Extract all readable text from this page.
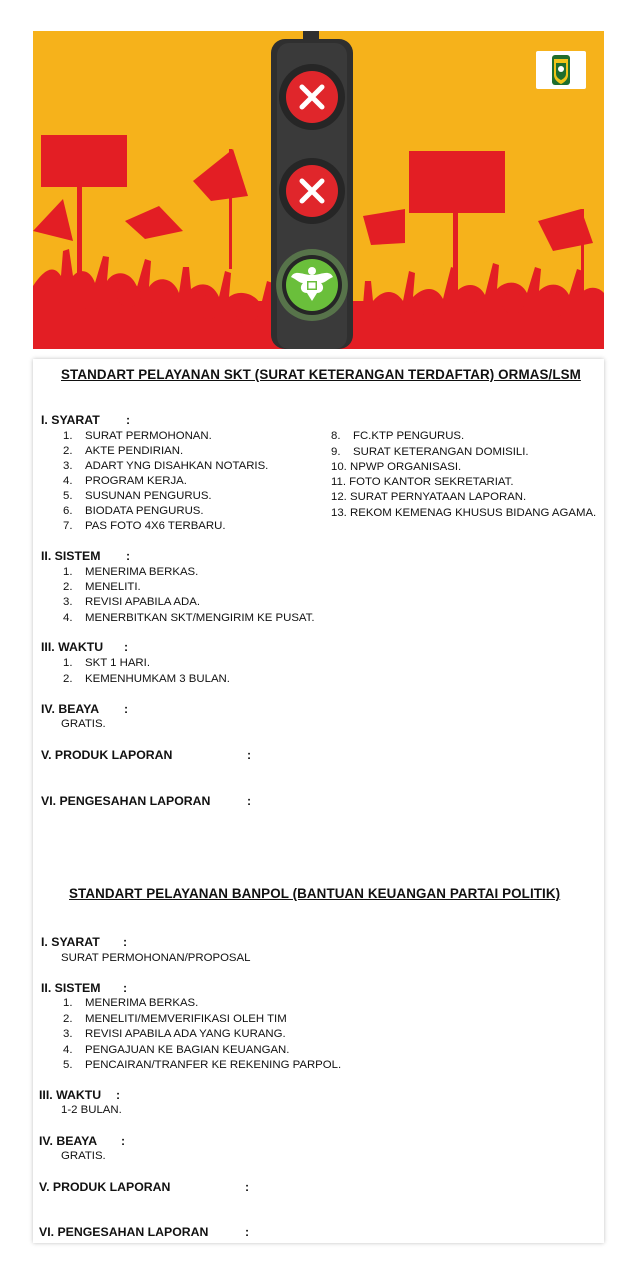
STANDART PELAYANAN SKT (SURAT KETERANGAN TERDAFTAR) ORMAS/LSM
I. SYARAT :
1. SURAT PERMOHONAN.
2. AKTE PENDIRIAN.
3. ADART YNG DISAHKAN NOTARIS.
4. PROGRAM KERJA.
5. SUSUNAN PENGURUS.
6. BIODATA PENGURUS.
7. PAS FOTO 4X6 TERBARU.
8. FC.KTP PENGURUS.
9. SURAT KETERANGAN DOMISILI.
10. NPWP ORGANISASI.
11. FOTO KANTOR SEKRETARIAT.
12. SURAT PERNYATAAN LAPORAN.
13. REKOM KEMENAG KHUSUS BIDANG AGAMA.
II. SISTEM :
1. MENERIMA BERKAS.
2. MENELITI.
3. REVISI APABILA ADA.
4. MENERBITKAN SKT/MENGIRIM KE PUSAT.
III. WAKTU :
1. SKT 1 HARI.
2. KEMENHUMKAM 3 BULAN.
IV. BEAYA :
GRATIS.
V. PRODUK LAPORAN	:
VI. PENGESAHAN LAPORAN	:
STANDART PELAYANAN BANPOL (BANTUAN KEUANGAN PARTAI POLITIK)
I. SYARAT :
SURAT PERMOHONAN/PROPOSAL
II. SISTEM :
1. MENERIMA BERKAS.
2. MENELITI/MEMVERIFIKASI OLEH TIM
3. REVISI APABILA ADA YANG KURANG.
4. PENGAJUAN KE BAGIAN KEUANGAN.
5. PENCAIRAN/TRANFER KE REKENING PARPOL.
III. WAKTU :
1-2 BULAN.
IV. BEAYA :
GRATIS.
V. PRODUK LAPORAN	:
VI. PENGESAHAN LAPORAN	:
